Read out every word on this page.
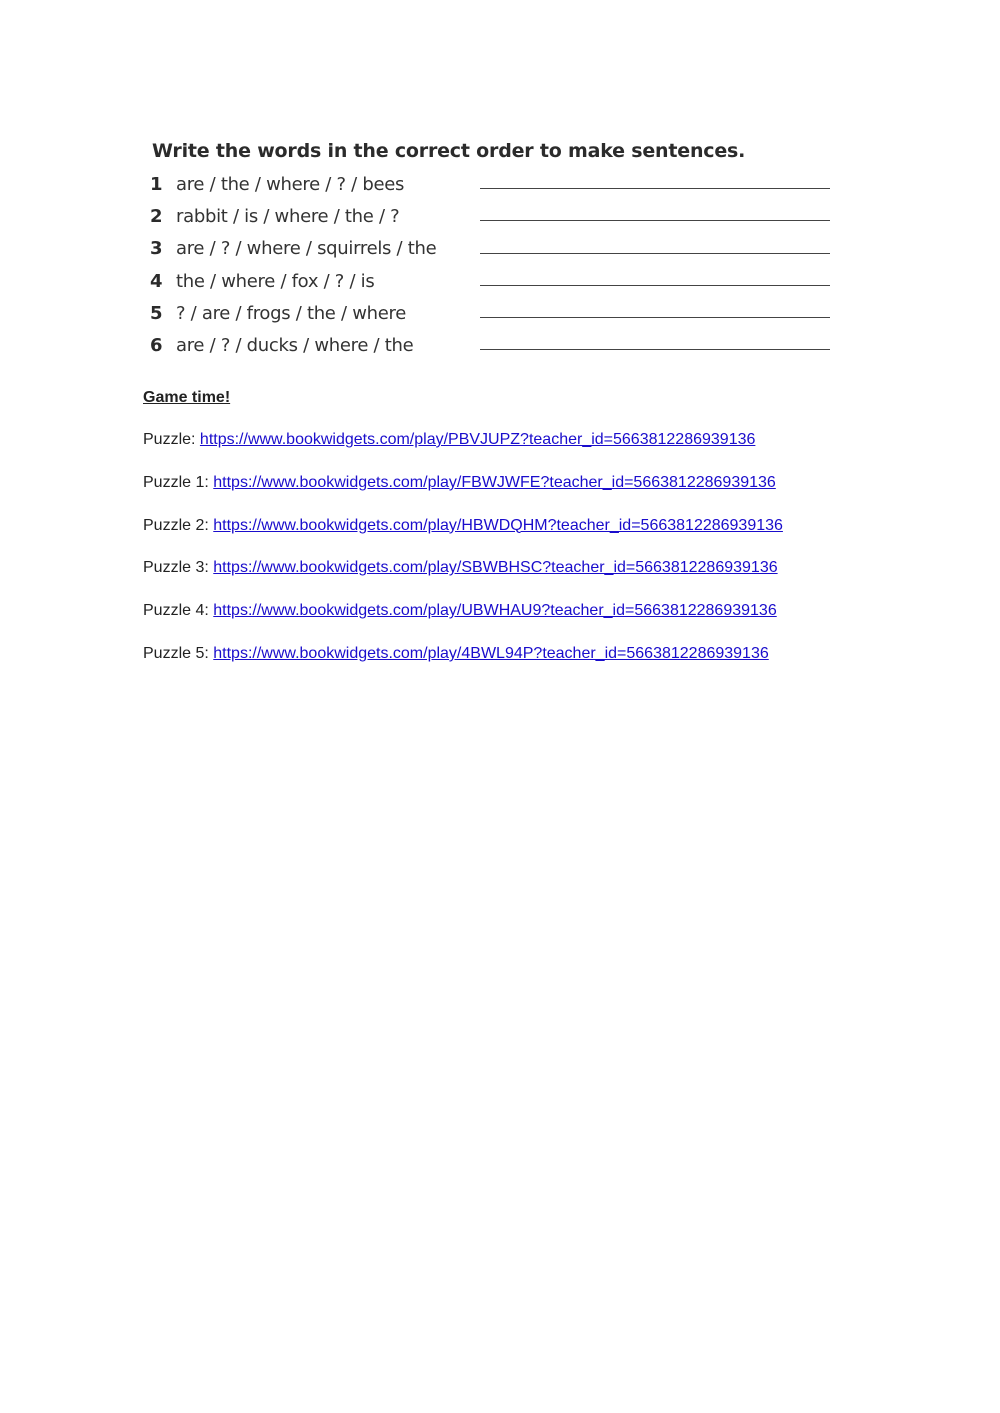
Write the words in the correct order to make sentences.
1 are / the / where / ? / bees
2 rabbit / is / where / the / ?
3 are / ? / where / squirrels / the
4 the / where / fox / ? / is
5 ? / are / frogs / the / where
6 are / ? / ducks / where / the
Game time!
Puzzle: https://www.bookwidgets.com/play/PBVJUPZ?teacher_id=5663812286939136
Puzzle 1: https://www.bookwidgets.com/play/FBWJWFE?teacher_id=5663812286939136
Puzzle 2: https://www.bookwidgets.com/play/HBWDQHM?teacher_id=5663812286939136
Puzzle 3: https://www.bookwidgets.com/play/SBWBHSC?teacher_id=5663812286939136
Puzzle 4: https://www.bookwidgets.com/play/UBWHAU9?teacher_id=5663812286939136
Puzzle 5: https://www.bookwidgets.com/play/4BWL94P?teacher_id=5663812286939136
